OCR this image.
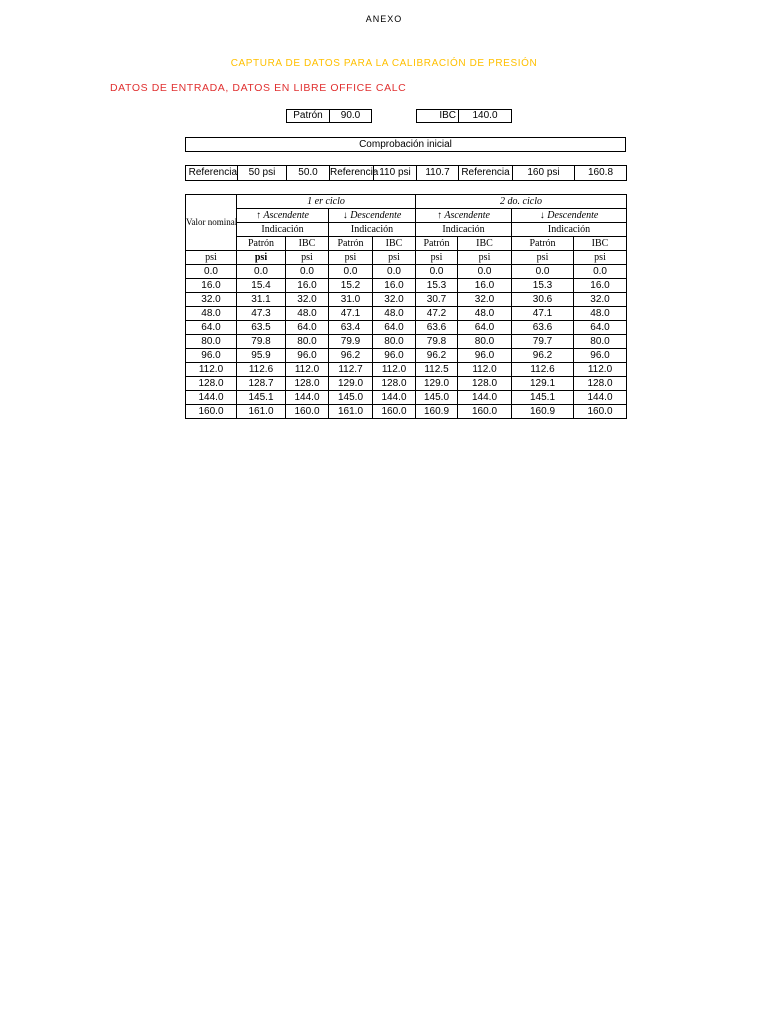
ANEXO
CAPTURA DE DATOS PARA LA CALIBRACIÓN DE PRESIÓN
DATOS DE ENTRADA, DATOS EN LIBRE OFFICE CALC
Patrón	90.0	IBC	140.0
Comprobación inicial
Referencia	50 psi	50.0	Referencia	110 psi	110.7	Referencia	160 psi	160.8
Valor nominal	1 er ciclo				2 do. ciclo			
	↑ Ascendente		↓ Descendente		↑ Ascendente		↓ Descendente	
	Indicación		Indicación		Indicación		Indicación	
	Patrón	IBC	Patrón	IBC	Patrón	IBC	Patrón	IBC
psi	psi	psi	psi	psi	psi	psi	psi	psi
0.0	0.0	0.0	0.0	0.0	0.0	0.0	0.0	0.0
16.0	15.4	16.0	15.2	16.0	15.3	16.0	15.3	16.0
32.0	31.1	32.0	31.0	32.0	30.7	32.0	30.6	32.0
48.0	47.3	48.0	47.1	48.0	47.2	48.0	47.1	48.0
64.0	63.5	64.0	63.4	64.0	63.6	64.0	63.6	64.0
80.0	79.8	80.0	79.9	80.0	79.8	80.0	79.7	80.0
96.0	95.9	96.0	96.2	96.0	96.2	96.0	96.2	96.0
112.0	112.6	112.0	112.7	112.0	112.5	112.0	112.6	112.0
128.0	128.7	128.0	129.0	128.0	129.0	128.0	129.1	128.0
144.0	145.1	144.0	145.0	144.0	145.0	144.0	145.1	144.0
160.0	161.0	160.0	161.0	160.0	160.9	160.0	160.9	160.0
